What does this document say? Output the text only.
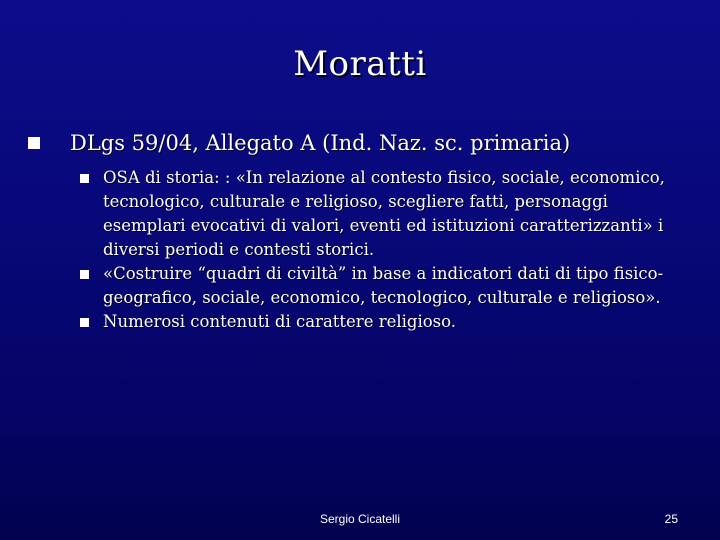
Moratti
DLgs 59/04, Allegato A (Ind. Naz. sc. primaria)
OSA di storia: : «In relazione al contesto fisico, sociale, economico, tecnologico, culturale e religioso, scegliere fatti, personaggi esemplari evocativi di valori, eventi ed istituzioni caratterizzanti» i diversi periodi e contesti storici.
«Costruire “quadri di civiltà” in base a indicatori dati di tipo fisico-geografico, sociale, economico, tecnologico, culturale e religioso».
Numerosi contenuti di carattere religioso.
Sergio Cicatelli	25
